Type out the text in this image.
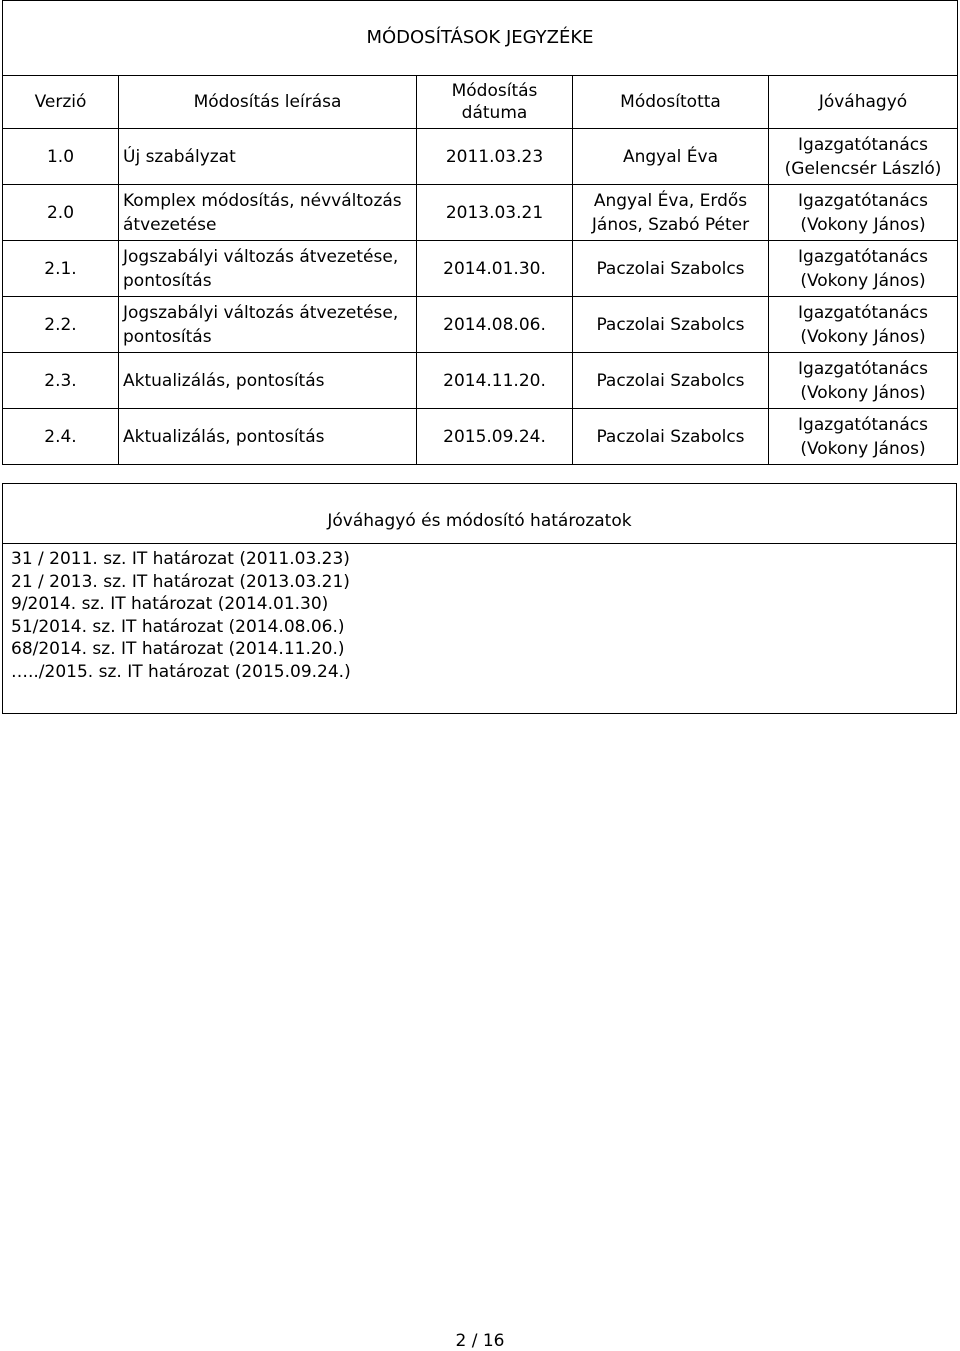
MÓDOSÍTÁSOK JEGYZÉKE				
Verzió	Módosítás leírása	Módosítás dátuma	Módosította	Jóváhagyó
1.0	Új szabályzat	2011.03.23	Angyal Éva	Igazgatótanács (Gelencsér László)
2.0	Komplex módosítás, névváltozás átvezetése	2013.03.21	Angyal Éva, Erdős János, Szabó Péter	Igazgatótanács (Vokony János)
2.1.	Jogszabályi változás átvezetése, pontosítás	2014.01.30.	Paczolai Szabolcs	Igazgatótanács (Vokony János)
2.2.	Jogszabályi változás átvezetése, pontosítás	2014.08.06.	Paczolai Szabolcs	Igazgatótanács (Vokony János)
2.3.	Aktualizálás, pontosítás	2014.11.20.	Paczolai Szabolcs	Igazgatótanács (Vokony János)
2.4.	Aktualizálás, pontosítás	2015.09.24.	Paczolai Szabolcs	Igazgatótanács (Vokony János)
Jóváhagyó és módosító határozatok
31 / 2011. sz. IT határozat (2011.03.23)
21 / 2013. sz. IT határozat (2013.03.21)
9/2014. sz. IT határozat (2014.01.30)
51/2014. sz. IT határozat (2014.08.06.)
68/2014. sz. IT határozat (2014.11.20.)
…../2015. sz. IT határozat (2015.09.24.)
2 / 16
